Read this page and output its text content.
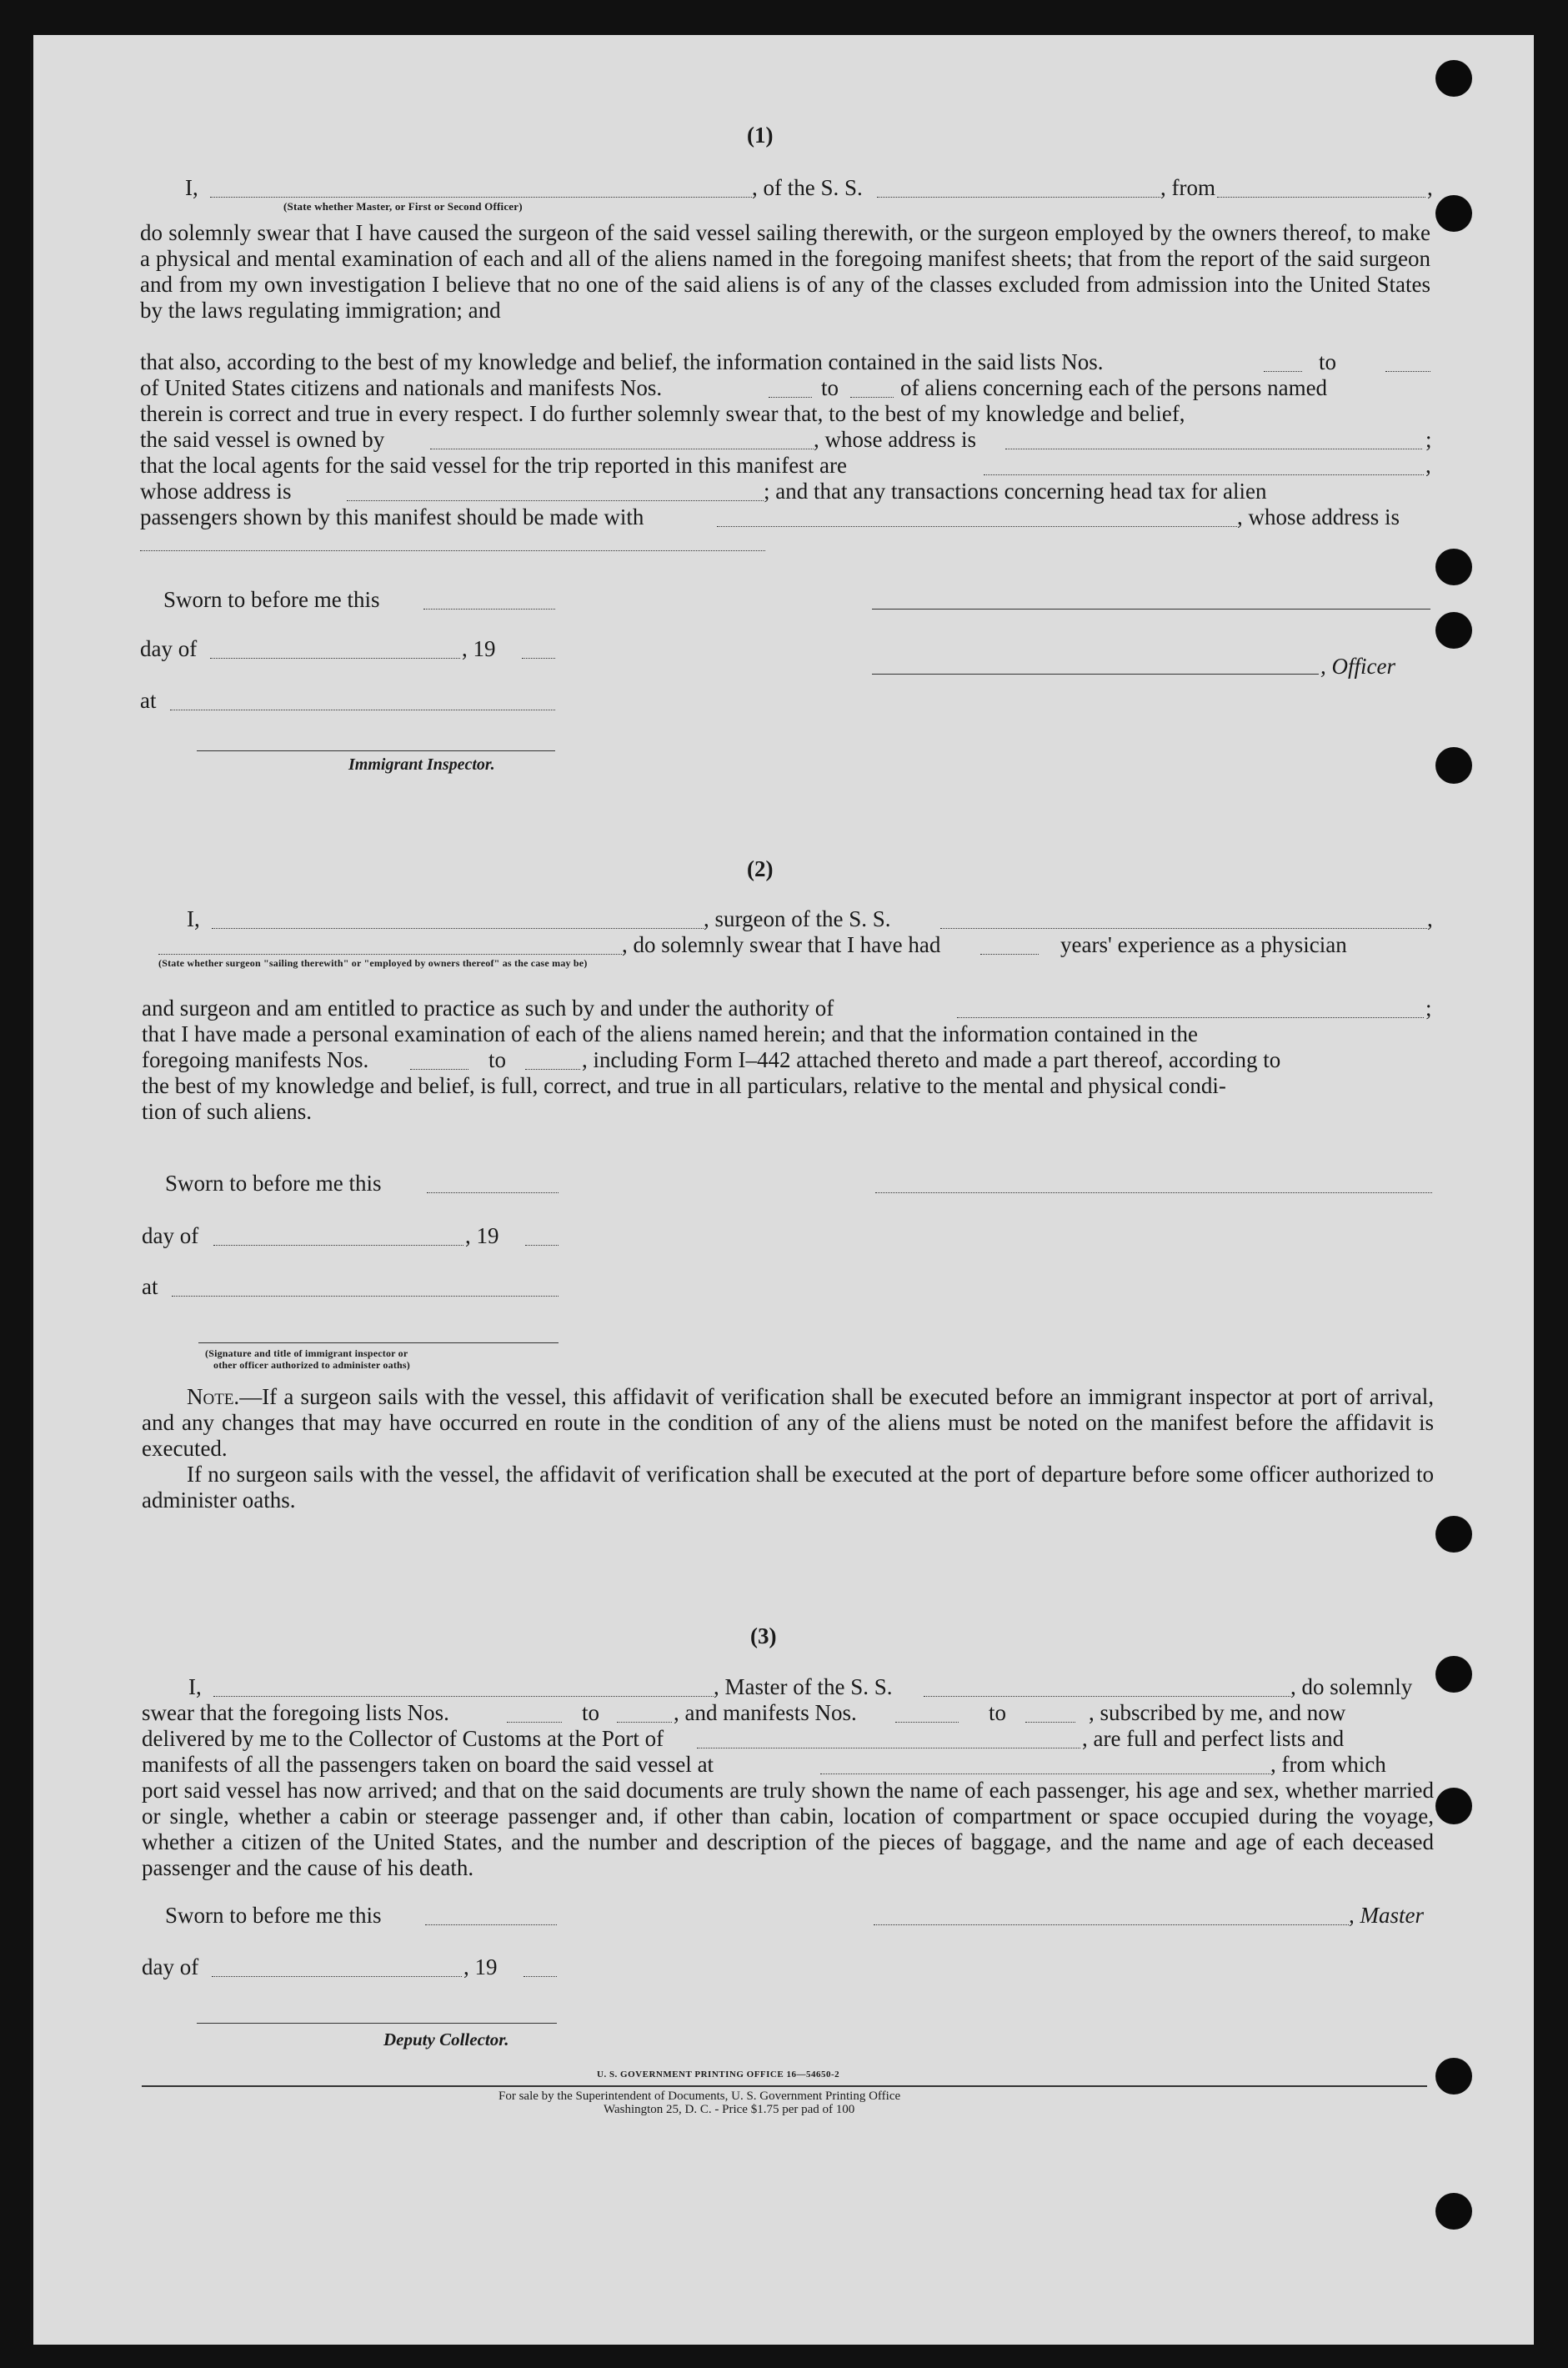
(1)
I,	, of the S. S.	, from	,
(State whether Master, or First or Second Officer)
do solemnly swear that I have caused the surgeon of the said vessel sailing therewith, or the surgeon employed by the owners thereof, to make a physical and mental examination of each and all of the aliens named in the foregoing manifest sheets; that from the report of the said surgeon and from my own investigation I believe that no one of the said aliens is of any of the classes excluded from admission into the United States by the laws regulating immigration; and
that also, according to the best of my knowledge and belief, the information contained in the said lists Nos.	to
of United States citizens and nationals and manifests Nos.	to	of aliens concerning each of the persons named
therein is correct and true in every respect. I do further solemnly swear that, to the best of my knowledge and belief,
the said vessel is owned by	, whose address is	;
that the local agents for the said vessel for the trip reported in this manifest are	,
whose address is	; and that any transactions concerning head tax for alien
passengers shown by this manifest should be made with	, whose address is
Sworn to before me this
day of	, 19
, Officer
at
Immigrant Inspector.
(2)
I,	, surgeon of the S. S.	,
, do solemnly swear that I have had	years' experience as a physician
(State whether surgeon "sailing therewith" or "employed by owners thereof" as the case may be)
and surgeon and am entitled to practice as such by and under the authority of	;
that I have made a personal examination of each of the aliens named herein; and that the information contained in the
foregoing manifests Nos.	to	, including Form I–442 attached thereto and made a part thereof, according to
the best of my knowledge and belief, is full, correct, and true in all particulars, relative to the mental and physical condi-
tion of such aliens.
Sworn to before me this
day of	, 19
at
(Signature and title of immigrant inspector or
other officer authorized to administer oaths)
Note.—If a surgeon sails with the vessel, this affidavit of verification shall be executed before an immigrant inspector at port of arrival, and any changes that may have occurred en route in the condition of any of the aliens must be noted on the manifest before the affidavit is executed.
If no surgeon sails with the vessel, the affidavit of verification shall be executed at the port of departure before some officer authorized to administer oaths.
(3)
I,	, Master of the S. S.	, do solemnly
swear that the foregoing lists Nos.	to	, and manifests Nos.	to	, subscribed by me, and now
delivered by me to the Collector of Customs at the Port of	, are full and perfect lists and
manifests of all the passengers taken on board the said vessel at	, from which
port said vessel has now arrived; and that on the said documents are truly shown the name of each passenger, his age and sex, whether married or single, whether a cabin or steerage passenger and, if other than cabin, location of compartment or space occupied during the voyage, whether a citizen of the United States, and the number and description of the pieces of baggage, and the name and age of each deceased passenger and the cause of his death.
Sworn to before me this	, Master
day of	, 19
Deputy Collector.
U. S. GOVERNMENT PRINTING OFFICE 16—54650-2
For sale by the Superintendent of Documents, U. S. Government Printing Office
Washington 25, D. C. - Price $1.75 per pad of 100
